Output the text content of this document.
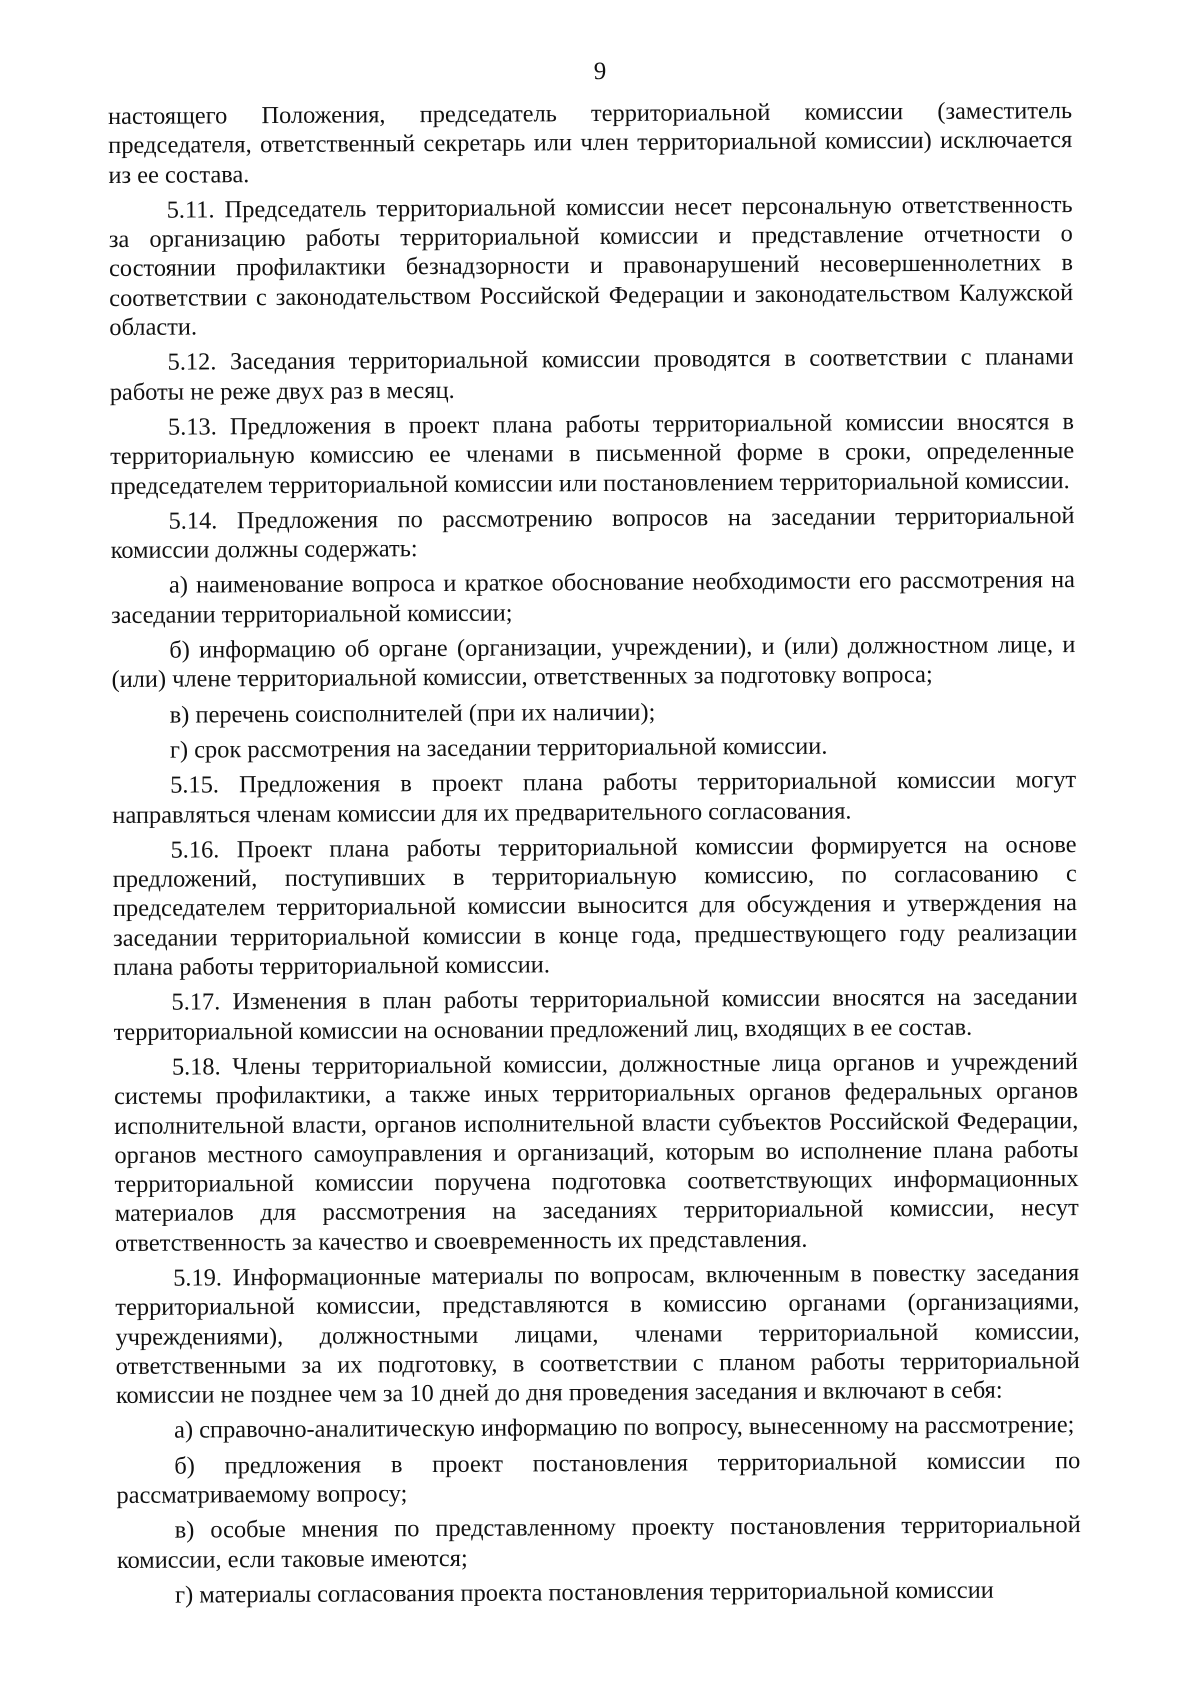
9

настоящего Положения, председатель территориальной комиссии (заместитель председателя, ответственный секретарь или член территориальной комиссии) исключается из ее состава.

5.11. Председатель территориальной комиссии несет персональную ответственность за организацию работы территориальной комиссии и представление отчетности о состоянии профилактики безнадзорности и правонарушений несовершеннолетних в соответствии с законодательством Российской Федерации и законодательством Калужской области.

5.12. Заседания территориальной комиссии проводятся в соответствии с планами работы не реже двух раз в месяц.

5.13. Предложения в проект плана работы территориальной комиссии вносятся в территориальную комиссию ее членами в письменной форме в сроки, определенные председателем территориальной комиссии или постановлением территориальной комиссии.

5.14. Предложения по рассмотрению вопросов на заседании территориальной комиссии должны содержать:

а) наименование вопроса и краткое обоснование необходимости его рассмотрения на заседании территориальной комиссии;

б) информацию об органе (организации, учреждении), и (или) должностном лице, и (или) члене территориальной комиссии, ответственных за подготовку вопроса;

в) перечень соисполнителей (при их наличии);

г) срок рассмотрения на заседании территориальной комиссии.

5.15. Предложения в проект плана работы территориальной комиссии могут направляться членам комиссии для их предварительного согласования.

5.16. Проект плана работы территориальной комиссии формируется на основе предложений, поступивших в территориальную комиссию, по согласованию с председателем территориальной комиссии выносится для обсуждения и утверждения на заседании территориальной комиссии в конце года, предшествующего году реализации плана работы территориальной комиссии.

5.17. Изменения в план работы территориальной комиссии вносятся на заседании территориальной комиссии на основании предложений лиц, входящих в ее состав.

5.18. Члены территориальной комиссии, должностные лица органов и учреждений системы профилактики, а также иных территориальных органов федеральных органов исполнительной власти, органов исполнительной власти субъектов Российской Федерации, органов местного самоуправления и организаций, которым во исполнение плана работы территориальной комиссии поручена подготовка соответствующих информационных материалов для рассмотрения на заседаниях территориальной комиссии, несут ответственность за качество и своевременность их представления.

5.19. Информационные материалы по вопросам, включенным в повестку заседания территориальной комиссии, представляются в комиссию органами (организациями, учреждениями), должностными лицами, членами территориальной комиссии, ответственными за их подготовку, в соответствии с планом работы территориальной комиссии не позднее чем за 10 дней до дня проведения заседания и включают в себя:

а) справочно-аналитическую информацию по вопросу, вынесенному на рассмотрение;

б) предложения в проект постановления территориальной комиссии по рассматриваемому вопросу;

в) особые мнения по представленному проекту постановления территориальной комиссии, если таковые имеются;

г) материалы согласования проекта постановления территориальной комиссии
